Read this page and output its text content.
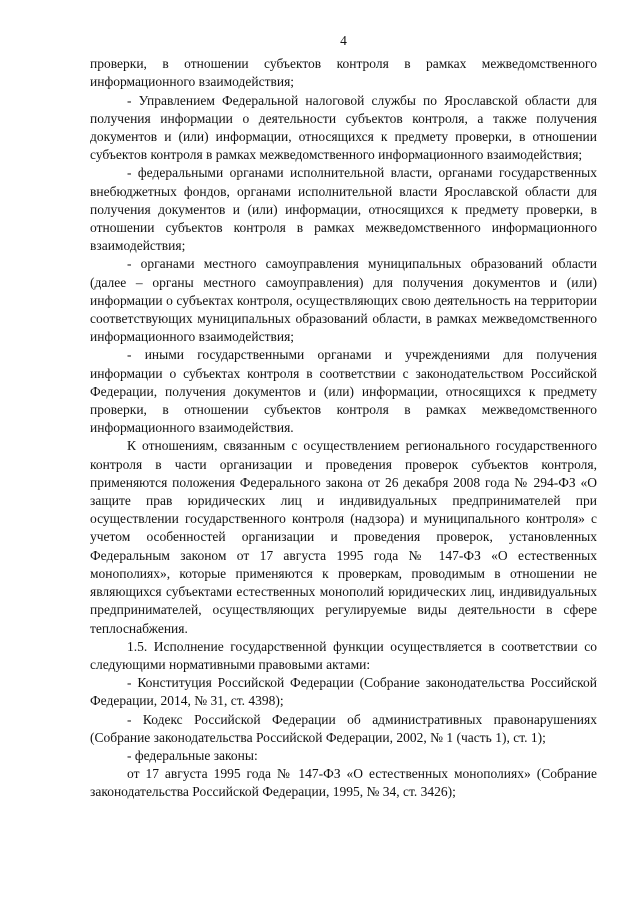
4

проверки, в отношении субъектов контроля в рамках межведомственного информационного взаимодействия;

- Управлением Федеральной налоговой службы по Ярославской области для получения информации о деятельности субъектов контроля, а также получения документов и (или) информации, относящихся к предмету проверки, в отношении субъектов контроля в рамках межведомственного информационного взаимодействия;

- федеральными органами исполнительной власти, органами государственных внебюджетных фондов, органами исполнительной власти Ярославской области для получения документов и (или) информации, относящихся к предмету проверки, в отношении субъектов контроля в рамках межведомственного информационного взаимодействия;

- органами местного самоуправления муниципальных образований области (далее – органы местного самоуправления) для получения документов и (или) информации о субъектах контроля, осуществляющих свою деятельность на территории соответствующих муниципальных образований области, в рамках межведомственного информационного взаимодействия;

- иными государственными органами и учреждениями для получения информации о субъектах контроля в соответствии с законодательством Российской Федерации, получения документов и (или) информации, относящихся к предмету проверки, в отношении субъектов контроля в рамках межведомственного информационного взаимодействия.

К отношениям, связанным с осуществлением регионального государственного контроля в части организации и проведения проверок субъектов контроля, применяются положения Федерального закона от 26 декабря 2008 года № 294-ФЗ «О защите прав юридических лиц и индивидуальных предпринимателей при осуществлении государственного контроля (надзора) и муниципального контроля» с учетом особенностей организации и проведения проверок, установленных Федеральным законом от 17 августа 1995 года № 147-ФЗ «О естественных монополиях», которые применяются к проверкам, проводимым в отношении не являющихся субъектами естественных монополий юридических лиц, индивидуальных предпринимателей, осуществляющих регулируемые виды деятельности в сфере теплоснабжения.

1.5. Исполнение государственной функции осуществляется в соответствии со следующими нормативными правовыми актами:

- Конституция Российской Федерации (Собрание законодательства Российской Федерации, 2014, № 31, ст. 4398);

- Кодекс Российской Федерации об административных правонарушениях (Собрание законодательства Российской Федерации, 2002, № 1 (часть 1), ст. 1);

- федеральные законы:

от 17 августа 1995 года № 147-ФЗ «О естественных монополиях» (Собрание законодательства Российской Федерации, 1995, № 34, ст. 3426);
